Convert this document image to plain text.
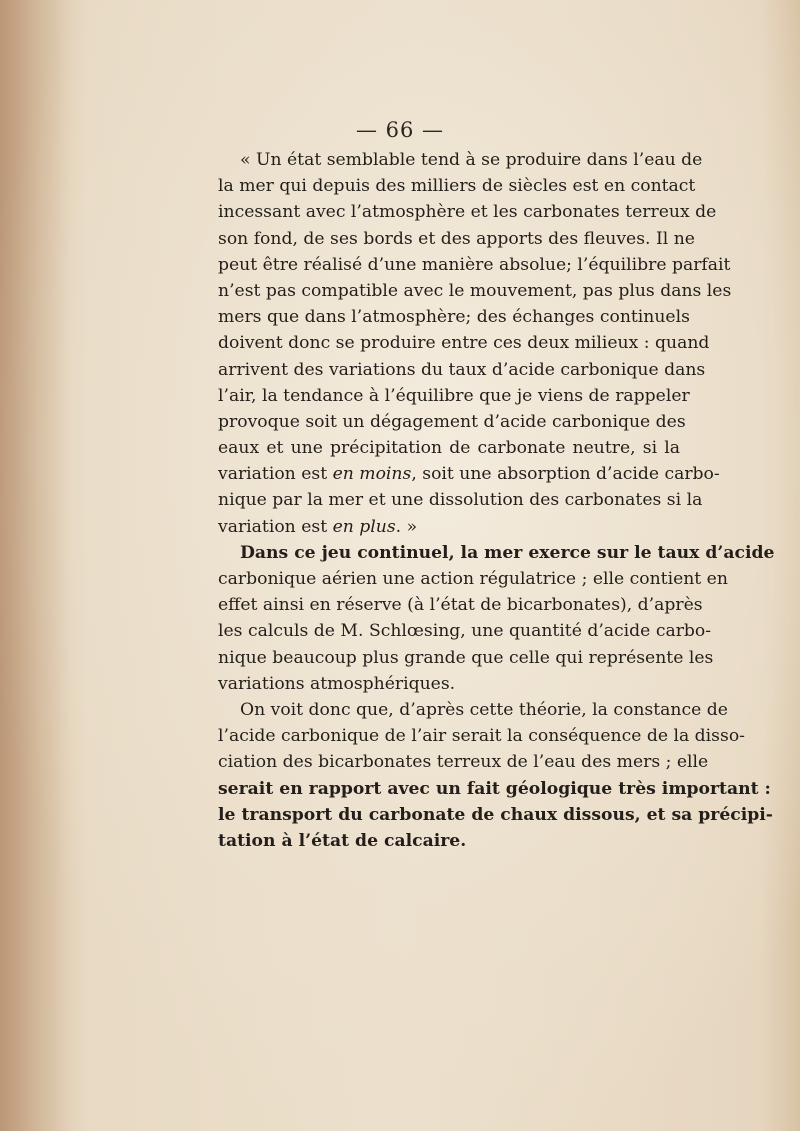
— 66 —
« Un état semblable tend à se produire dans l’eau de
la mer qui depuis des milliers de siècles est en contact
incessant avec l’atmosphère et les carbonates terreux de
son fond, de ses bords et des apports des fleuves. Il ne
peut être réalisé d’une manière absolue; l’équilibre parfait
n’est pas compatible avec le mouvement, pas plus dans les
mers que dans l’atmosphère; des échanges continuels
doivent donc se produire entre ces deux milieux : quand
arrivent des variations du taux d’acide carbonique dans
l’air, la tendance à l’équilibre que je viens de rappeler
provoque soit un dégagement d’acide carbonique des
eaux et une précipitation de carbonate neutre, si la
variation est en moins, soit une absorption d’acide carbo-
nique par la mer et une dissolution des carbonates si la
variation est en plus. »
Dans ce jeu continuel, la mer exerce sur le taux d’acide
carbonique aérien une action régulatrice ; elle contient en
effet ainsi en réserve (à l’état de bicarbonates), d’après
les calculs de M. Schlœsing, une quantité d’acide carbo-
nique beaucoup plus grande que celle qui représente les
variations atmosphériques.
On voit donc que, d’après cette théorie, la constance de
l’acide carbonique de l’air serait la conséquence de la disso-
ciation des bicarbonates terreux de l’eau des mers ; elle
serait en rapport avec un fait géologique très important :
le transport du carbonate de chaux dissous, et sa précipi-
tation à l’état de calcaire.
